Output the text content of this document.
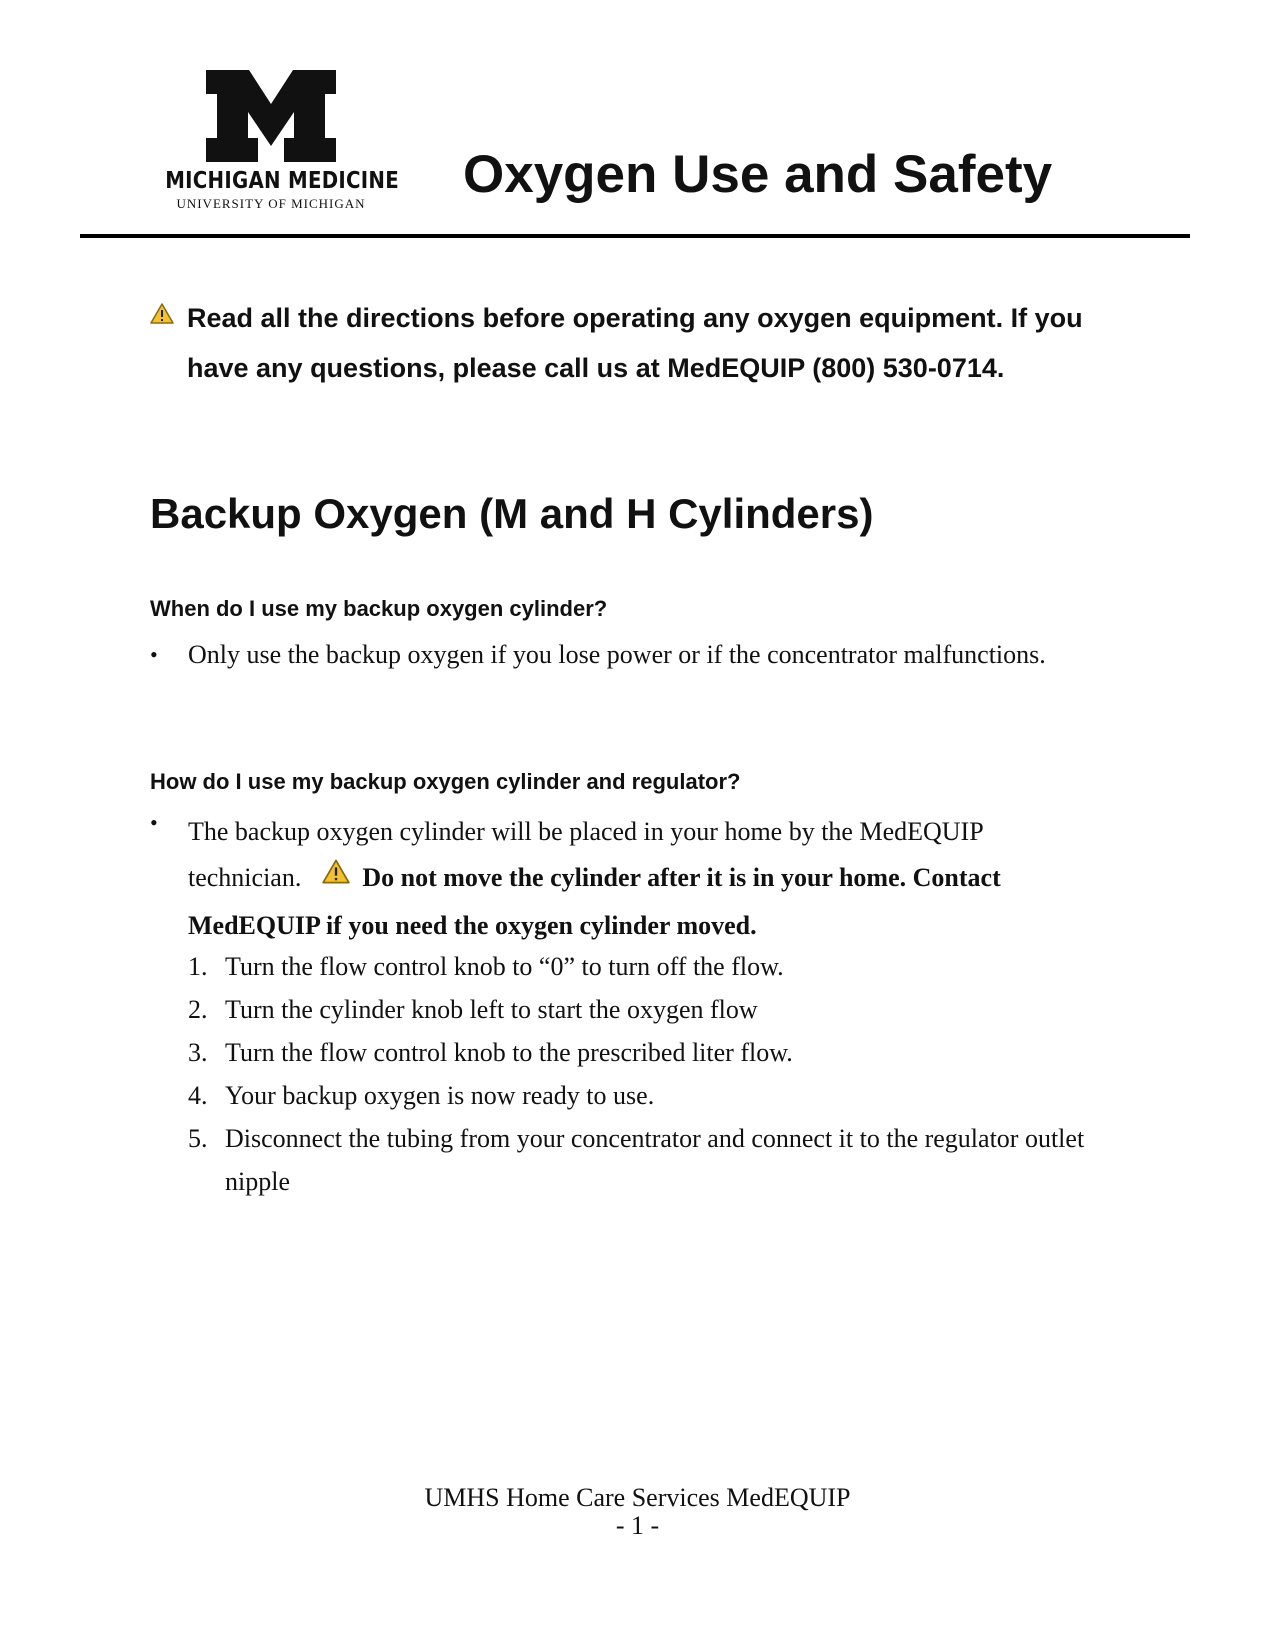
MICHIGAN MEDICINE
UNIVERSITY OF MICHIGAN	Oxygen Use and Safety

Read all the directions before operating any oxygen equipment. If you have any questions, please call us at MedEQUIP (800) 530-0714.

Backup Oxygen (M and H Cylinders)
When do I use my backup oxygen cylinder?
• Only use the backup oxygen if you lose power or if the concentrator malfunctions.
How do I use my backup oxygen cylinder and regulator?
• The backup oxygen cylinder will be placed in your home by the MedEQUIP
technician. Do not move the cylinder after it is in your home. Contact
MedEQUIP if you need the oxygen cylinder moved.
1. Turn the flow control knob to “0” to turn off the flow.
2. Turn the cylinder knob left to start the oxygen flow
3. Turn the flow control knob to the prescribed liter flow.
4. Your backup oxygen is now ready to use.
5. Disconnect the tubing from your concentrator and connect it to the regulator outlet nipple
UMHS Home Care Services MedEQUIP
- 1 -
